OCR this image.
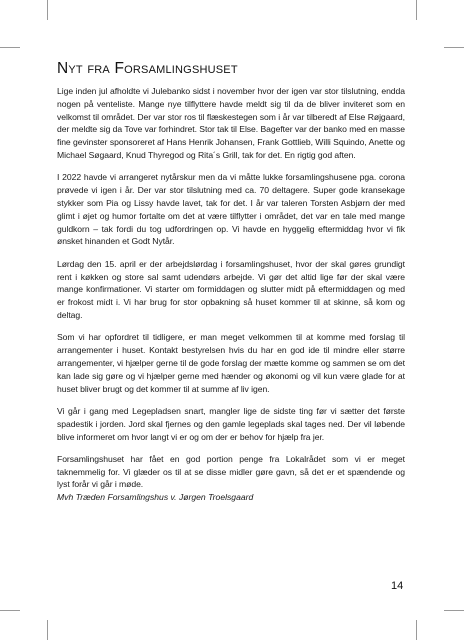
Nyt fra Forsamlingshuset

Lige inden jul afholdte vi Julebanko sidst i november hvor der igen var stor tilslutning, endda nogen på venteliste. Mange nye tilflyttere havde meldt sig til da de bliver inviteret som en velkomst til området. Der var stor ros til flæskestegen som i år var tilberedt af Else Røjgaard, der meldte sig da Tove var forhindret. Stor tak til Else. Bagefter var der banko med en masse fine gevinster sponsoreret af Hans Henrik Johansen, Frank Gottlieb, Willi Squindo, Anette og Michael Søgaard, Knud Thyregod og Rita´s Grill, tak for det. En rigtig god aften.

I 2022 havde vi arrangeret nytårskur men da vi måtte lukke forsamlingshusene pga. corona prøvede vi igen i år. Der var stor tilslutning med ca. 70 deltagere. Super gode kransekage stykker som Pia og Lissy havde lavet, tak for det. I år var taleren Torsten Asbjørn der med glimt i øjet og humor fortalte om det at være tilflytter i området, det var en tale med mange guldkorn – tak fordi du tog udfordringen op. Vi havde en hyggelig eftermiddag hvor vi fik ønsket hinanden et Godt Nytår.

Lørdag den 15. april er der arbejdslørdag i forsamlingshuset, hvor der skal gøres grundigt rent i køkken og store sal samt udendørs arbejde. Vi gør det altid lige før der skal være mange konfirmationer. Vi starter om formiddagen og slutter midt på eftermiddagen og med er frokost midt i. Vi har brug for stor opbakning så huset kommer til at skinne, så kom og deltag.

Som vi har opfordret til tidligere, er man meget velkommen til at komme med forslag til arrangementer i huset. Kontakt bestyrelsen hvis du har en god ide til mindre eller større arrangementer, vi hjælper gerne til de gode forslag der mætte komme og sammen se om det kan lade sig gøre og vi hjælper gerne med hænder og økonomi og vil kun være glade for at huset bliver brugt og det kommer til at summe af liv igen.

Vi går i gang med Legepladsen snart, mangler lige de sidste ting før vi sætter det første spadestik i jorden. Jord skal fjernes og den gamle legeplads skal tages ned. Der vil løbende blive informeret om hvor langt vi er og om der er behov for hjælp fra jer.

Forsamlingshuset har fået en god portion penge fra Lokalrådet som vi er meget taknemmelig for. Vi glæder os til at se disse midler gøre gavn, så det er et spændende og lyst forår vi går i møde.

Mvh Træden Forsamlingshus v. Jørgen Troelsgaard
14
